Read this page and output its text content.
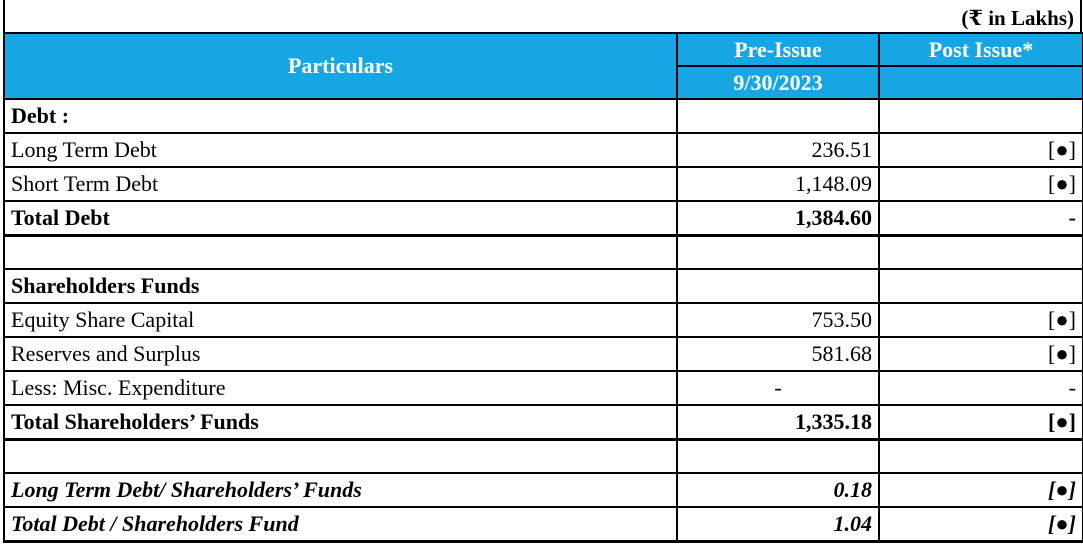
(₹ in Lakhs)
Particulars	Pre-Issue	Post Issue*
	9/30/2023	
Debt :		
Long Term Debt	236.51	[●]
Short Term Debt	1,148.09	[●]
Total Debt	1,384.60	-

Shareholders Funds		
Equity Share Capital	753.50	[●]
Reserves and Surplus	581.68	[●]
Less: Misc. Expenditure	-	-
Total Shareholders’ Funds	1,335.18	[●]

Long Term Debt/ Shareholders’ Funds	0.18	[●]
Total Debt / Shareholders Fund	1.04	[●]
